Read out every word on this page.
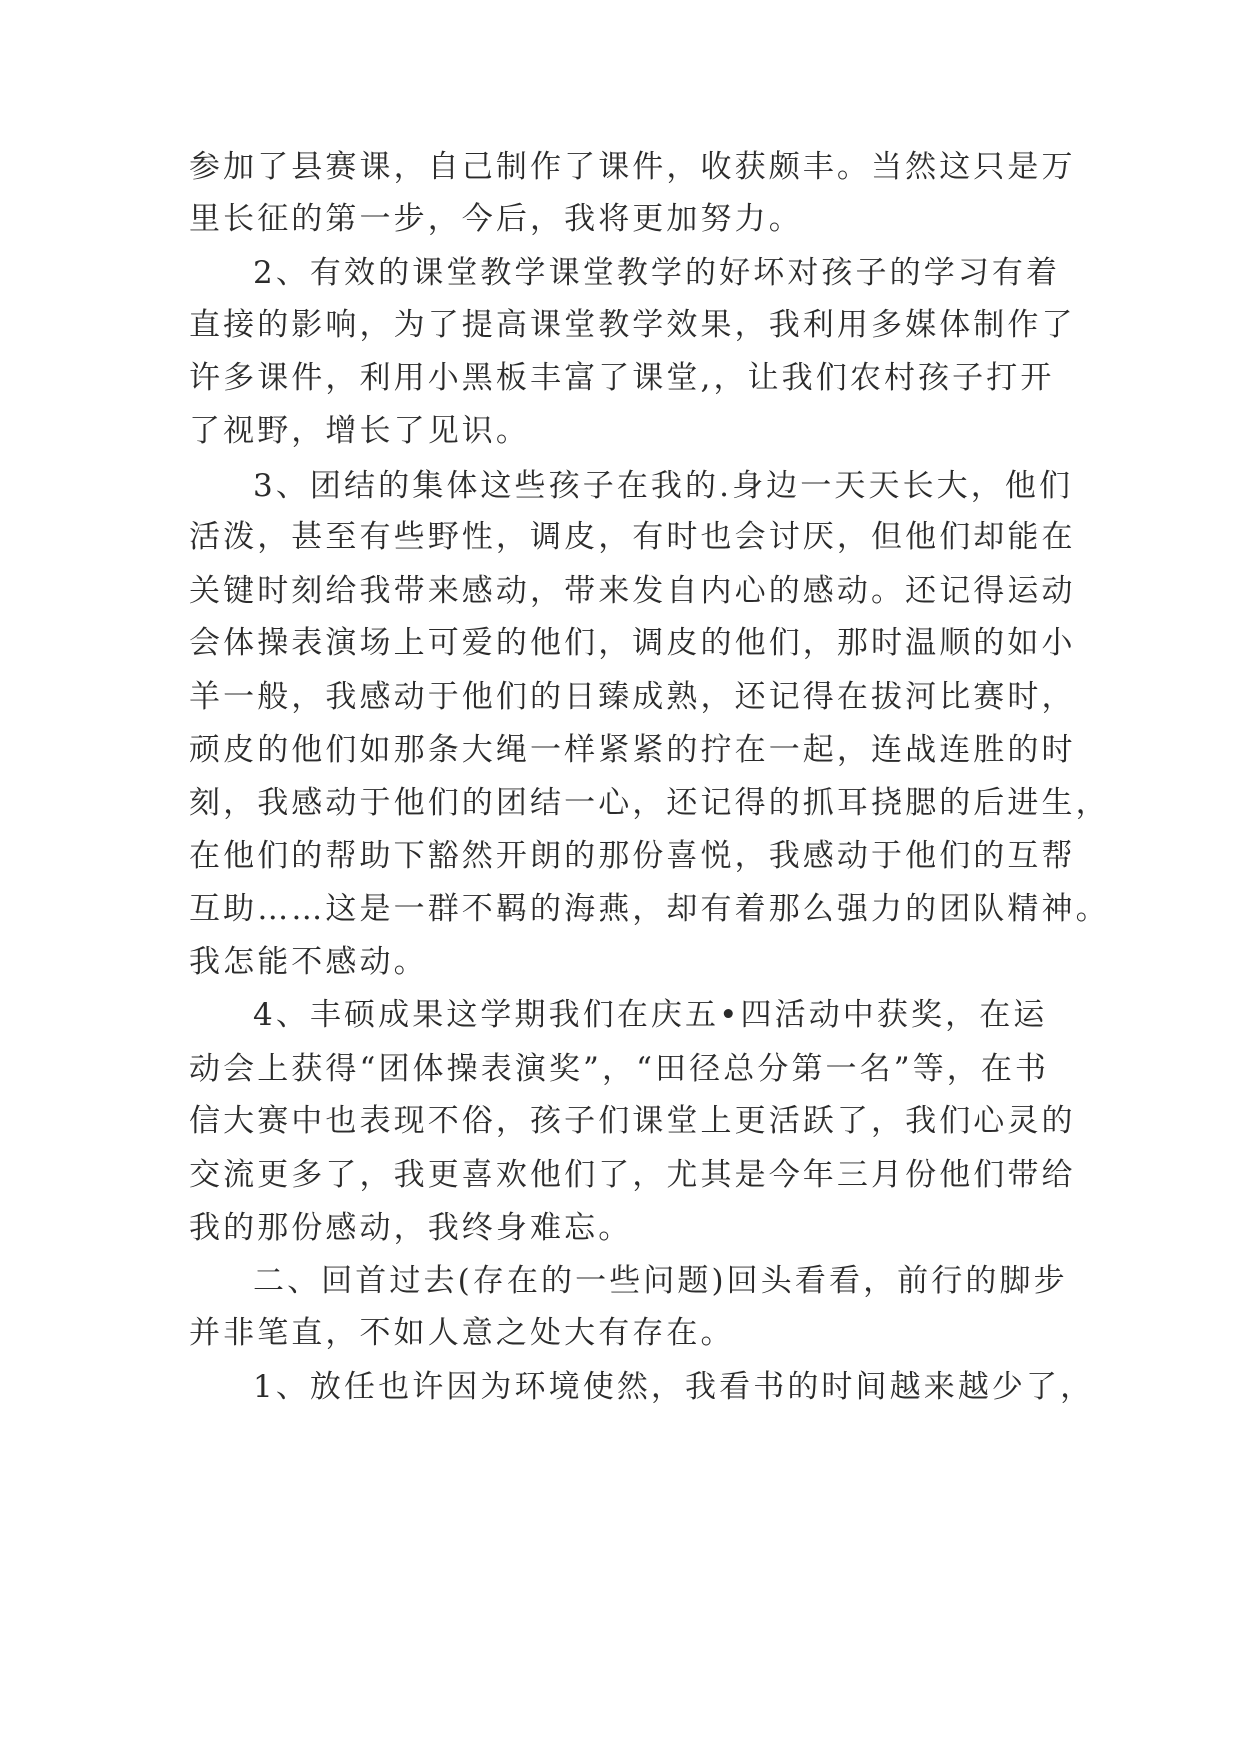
参加了县赛课，自己制作了课件，收获颇丰。当然这只是万
里长征的第一步，今后，我将更加努力。
2、有效的课堂教学课堂教学的好坏对孩子的学习有着
直接的影响，为了提高课堂教学效果，我利用多媒体制作了
许多课件，利用小黑板丰富了课堂,，让我们农村孩子打开
了视野，增长了见识。
3、团结的集体这些孩子在我的.身边一天天长大，他们
活泼，甚至有些野性，调皮，有时也会讨厌，但他们却能在
关键时刻给我带来感动，带来发自内心的感动。还记得运动
会体操表演场上可爱的他们，调皮的他们，那时温顺的如小
羊一般，我感动于他们的日臻成熟，还记得在拔河比赛时，
顽皮的他们如那条大绳一样紧紧的拧在一起，连战连胜的时
刻，我感动于他们的团结一心，还记得的抓耳挠腮的后进生，
在他们的帮助下豁然开朗的那份喜悦，我感动于他们的互帮
互助……这是一群不羁的海燕，却有着那么强力的团队精神。
我怎能不感动。
4、丰硕成果这学期我们在庆五•四活动中获奖，在运
动会上获得“团体操表演奖”，“田径总分第一名”等，在书
信大赛中也表现不俗，孩子们课堂上更活跃了，我们心灵的
交流更多了，我更喜欢他们了，尤其是今年三月份他们带给
我的那份感动，我终身难忘。
二、回首过去(存在的一些问题)回头看看，前行的脚步
并非笔直，不如人意之处大有存在。
1、放任也许因为环境使然，我看书的时间越来越少了，
